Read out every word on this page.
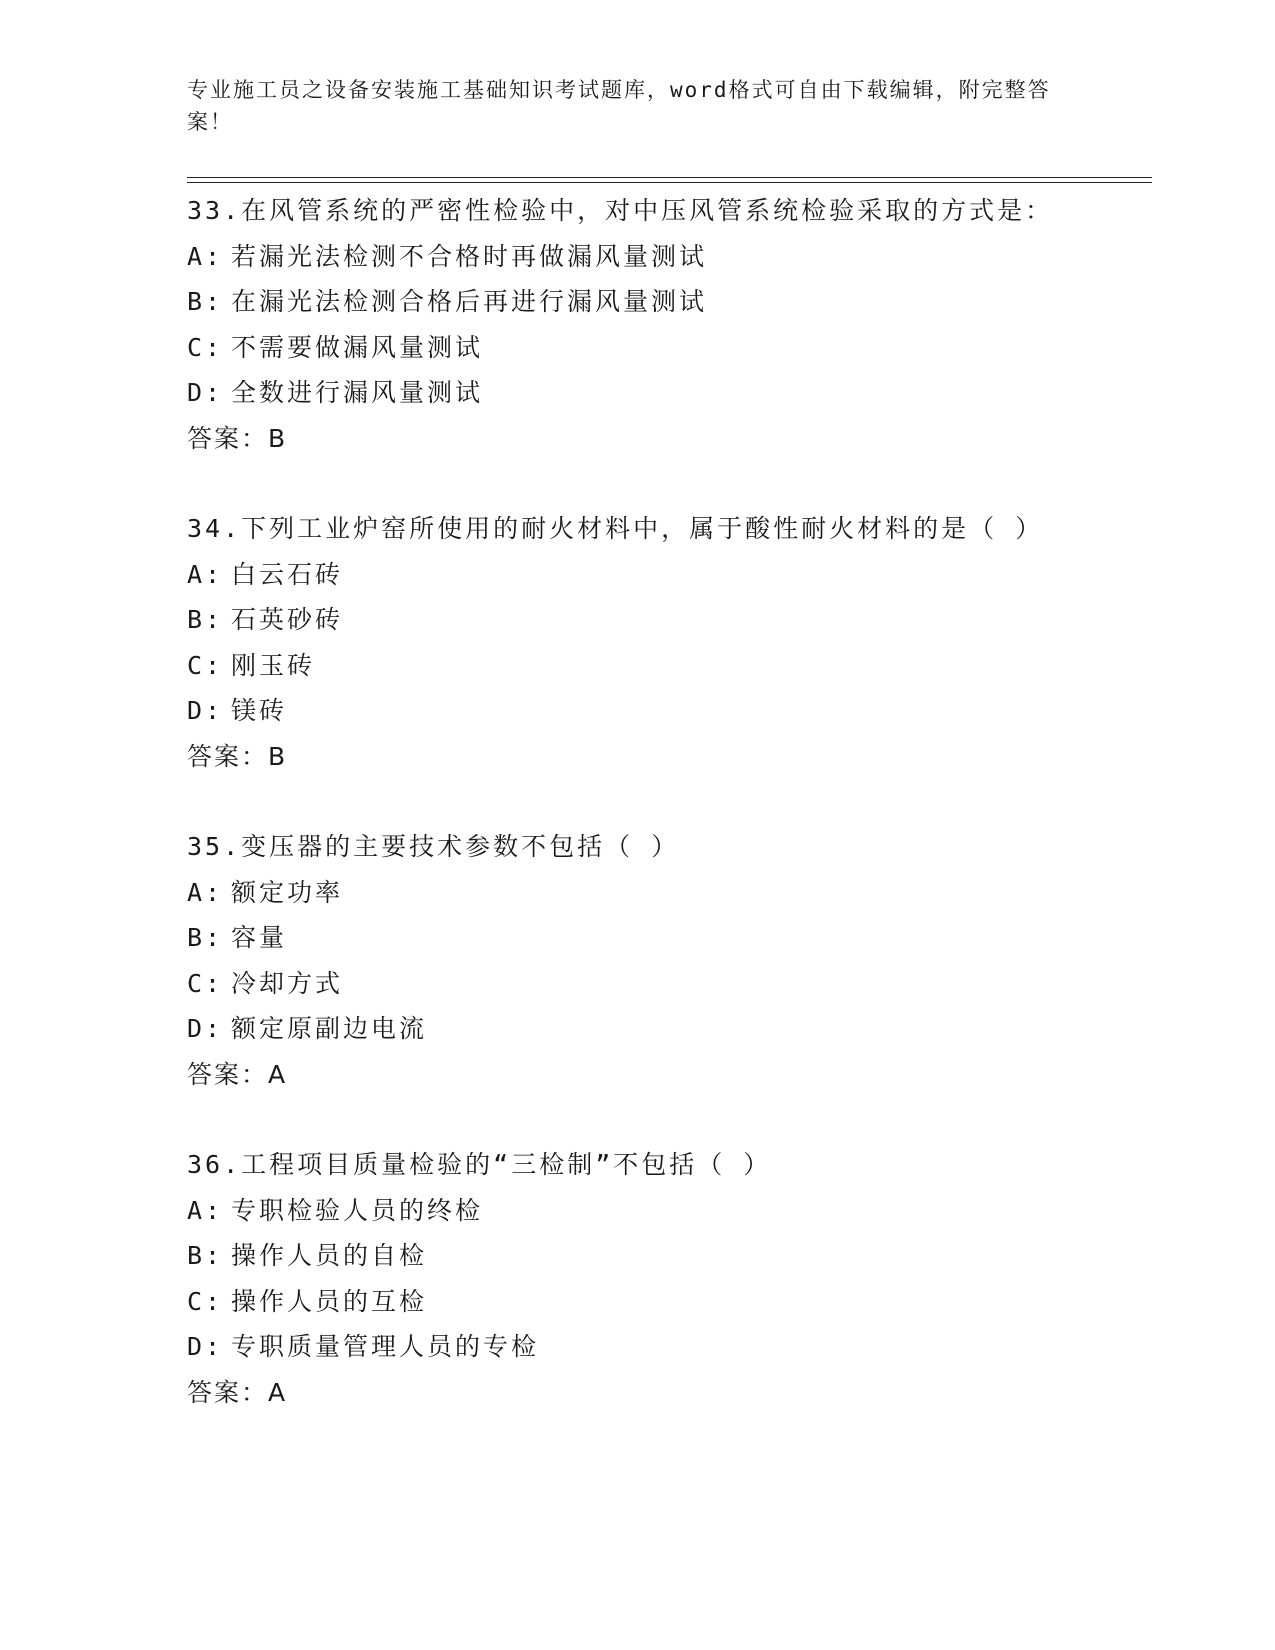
专业施工员之设备安装施工基础知识考试题库，word格式可自由下载编辑，附完整答案！
33.在风管系统的严密性检验中，对中压风管系统检验采取的方式是：
A: 若漏光法检测不合格时再做漏风量测试
B: 在漏光法检测合格后再进行漏风量测试
C: 不需要做漏风量测试
D: 全数进行漏风量测试
答案：B
34.下列工业炉窑所使用的耐火材料中，属于酸性耐火材料的是（ ）
A: 白云石砖
B: 石英砂砖
C: 刚玉砖
D: 镁砖
答案：B
35.变压器的主要技术参数不包括（ ）
A: 额定功率
B: 容量
C: 冷却方式
D: 额定原副边电流
答案：A
36.工程项目质量检验的“三检制”不包括（ ）
A: 专职检验人员的终检
B: 操作人员的自检
C: 操作人员的互检
D: 专职质量管理人员的专检
答案：A
